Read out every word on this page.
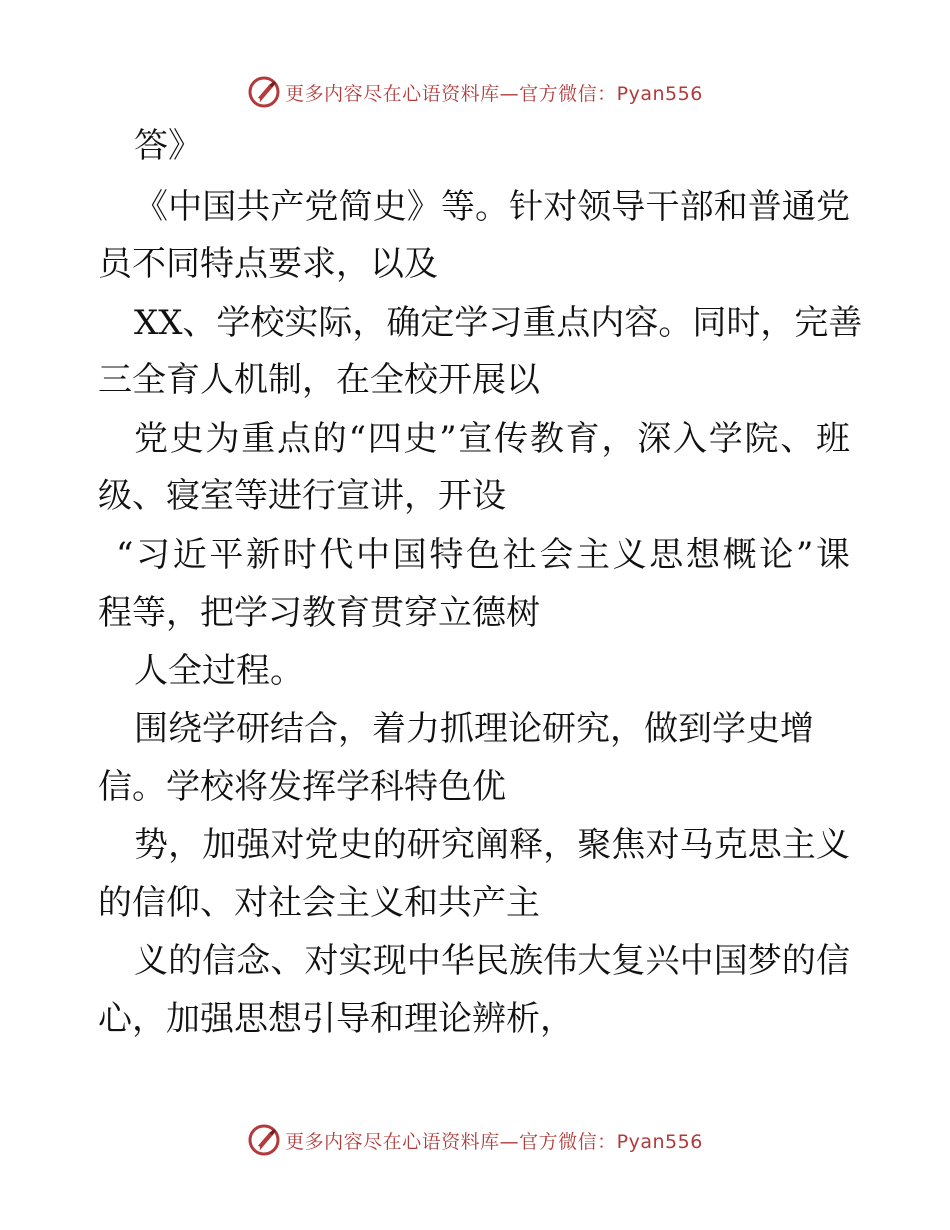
更多内容尽在心语资料库—官方微信：Pyan556
答》
《中国共产党简史》等。针对领导干部和普通党
员不同特点要求，以及
XX、学校实际，确定学习重点内容。同时，完善
三全育人机制，在全校开展以
党史为重点的“四史”宣传教育，深入学院、班
级、寝室等进行宣讲，开设
“习近平新时代中国特色社会主义思想概论”课
程等，把学习教育贯穿立德树
人全过程。
围绕学研结合，着力抓理论研究，做到学史增
信。学校将发挥学科特色优
势，加强对党史的研究阐释，聚焦对马克思主义
的信仰、对社会主义和共产主
义的信念、对实现中华民族伟大复兴中国梦的信
心，加强思想引导和理论辨析，
更多内容尽在心语资料库—官方微信：Pyan556
